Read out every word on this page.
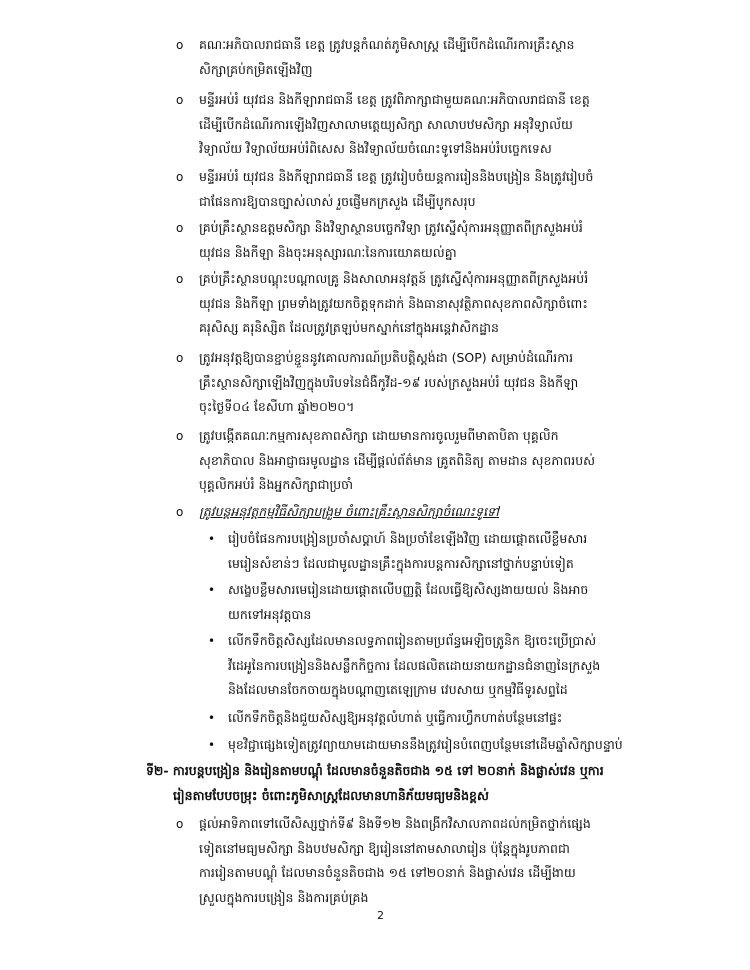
o គណៈអភិបាលរាជធានី ខេត្ត ត្រូវបន្តកំណត់ភូមិសាស្ត្រ ដើម្បីបើកដំណើរការគ្រឹះស្ថាន
សិក្សាគ្រប់កម្រិតឡើងវិញ
o មន្ទីរអប់រំ យុវជន និងកីឡារាជធានី ខេត្ត ត្រូវពិភាក្សាជាមួយគណៈអភិបាលរាជធានី ខេត្ត
ដើម្បីបើកដំណើរការឡើងវិញសាលាមត្តេយ្យសិក្សា សាលាបឋមសិក្សា អនុវិទ្យាល័យ
វិទ្យាល័យ វិទ្យាល័យអប់រំពិសេស និងវិទ្យាល័យចំណេះទូទៅនិងអប់រំបច្ចេកទេស
o មន្ទីរអប់រំ យុវជន និងកីឡារាជធានី ខេត្ត ត្រូវរៀបចំយន្តការរៀននិងបង្រៀន និងត្រូវរៀបចំ
ជាផែនការឱ្យបានច្បាស់លាស់ រួចផ្ញើមកក្រសួង ដើម្បីបូកសរុប
o គ្រប់គ្រឹះស្ថានឧត្តមសិក្សា និងវិទ្យាស្ថានបច្ចេកវិទ្យា ត្រូវស្នើសុំការអនុញ្ញាតពីក្រសួងអប់រំ
យុវជន និងកីឡា និងចុះអនុស្សារណៈនៃការយោគយល់គ្នា
o គ្រប់គ្រឹះស្ថានបណ្តុះបណ្តាលគ្រូ និងសាលាអនុវត្តន៍ ត្រូវស្នើសុំការអនុញ្ញាតពីក្រសួងអប់រំ
យុវជន និងកីឡា ព្រមទាំងត្រូវយកចិត្តទុកដាក់ និងធានាសុវត្ថិភាពសុខភាពសិក្សាចំពោះ
គរុសិស្ស គរុនិស្សិត ដែលត្រូវត្រឡប់មកស្នាក់នៅក្នុងអន្តេវាសិកដ្ឋាន
o ត្រូវអនុវត្តឱ្យបានខ្ជាប់ខ្ជួននូវគោលការណ៍ប្រតិបត្តិស្តង់ដា (SOP) សម្រាប់ដំណើរការ
គ្រឹះស្ថានសិក្សាឡើងវិញក្នុងបរិបទនៃជំងឺកូវីដ-១៩ របស់ក្រសួងអប់រំ យុវជន និងកីឡា
ចុះថ្ងៃទី០៤ ខែសីហា ឆ្នាំ២០២០។
o ត្រូវបង្កើតគណៈកម្មការសុខភាពសិក្សា ដោយមានការចូលរួមពីមាតាបិតា បុគ្គលិក
សុខាភិបាល និងអាជ្ញាធរមូលដ្ឋាន ដើម្បីផ្តល់ព័ត៌មាន គ្រូតពិនិត្យ តាមដាន សុខភាពរបស់
បុគ្គលិកអប់រំ និងអ្នកសិក្សាជាប្រចាំ
o ត្រូវបន្តអនុវត្តកម្មវិធីសិក្សាបង្រួម ចំពោះគ្រឹះស្ថានសិក្សាចំណេះទូទៅ
• រៀបចំផែនការបង្រៀនប្រចាំសប្តាហ៍ និងប្រចាំខែឡើងវិញ ដោយផ្តោតលើខ្លឹមសារ
មេរៀនសំខាន់ៗ ដែលជាមូលដ្ឋានគ្រឹះក្នុងការបន្តការសិក្សានៅថ្នាក់បន្ទាប់ទៀត
• សង្ខេបខ្លឹមសារមេរៀនដោយផ្តោតលើបញ្ញត្តិ ដែលធ្វើឱ្យសិស្សងាយយល់ និងអាច
យកទៅអនុវត្តបាន
• លើកទឹកចិត្តសិស្សដែលមានលទ្ធភាពរៀនតាមប្រព័ន្ធអេឡិចត្រូនិក ឱ្យចេះប្រើប្រាស់
វីដេអូនៃការបង្រៀននិងសន្លឹកកិច្ចការ ដែលផលិតដោយនាយកដ្ឋានជំនាញនៃក្រសួង
និងដែលមានចែកចាយក្នុងបណ្តាញតេឡេក្រាម វេបសាយ ឬកម្មវិធីទូរសព្ទដៃ
• លើកទឹកចិត្តនិងជួយសិស្សឱ្យអនុវត្តលំហាត់ ឬធ្វើការហ្វឹកហាត់បន្ថែមនៅផ្ទះ
• មុខវិជ្ជាផ្សេងទៀតត្រូវព្យាយាមដោយមាននឹងត្រូវរៀនបំពេញបន្ថែមនៅដើមឆ្នាំសិក្សាបន្ទាប់
ទី២- ការបន្តបង្រៀន និងរៀនតាមបណ្តុំ ដែលមានចំនួនតិចជាង ១៥ ទៅ ២០នាក់ និងផ្លាស់វេន ឬការ
រៀនតាមបែបចម្រុះ ចំពោះភូមិសាស្ត្រដែលមានហានិភ័យមធ្យមនិងខ្ពស់
o ផ្តល់អាទិភាពទៅលើសិស្សថ្នាក់ទី៩ និងទី១២ និងពង្រីកវិសាលភាពដល់កម្រិតថ្នាក់ផ្សេង
ទៀតនៅមធ្យមសិក្សា និងបឋមសិក្សា ឱ្យរៀននៅតាមសាលារៀន ប៉ុន្តែក្នុងរូបភាពជា
ការរៀនតាមបណ្តុំ ដែលមានចំនួនតិចជាង ១៥ ទៅ២០នាក់ និងផ្លាស់វេន ដើម្បីងាយ
ស្រួលក្នុងការបង្រៀន និងការគ្រប់គ្រង
2
